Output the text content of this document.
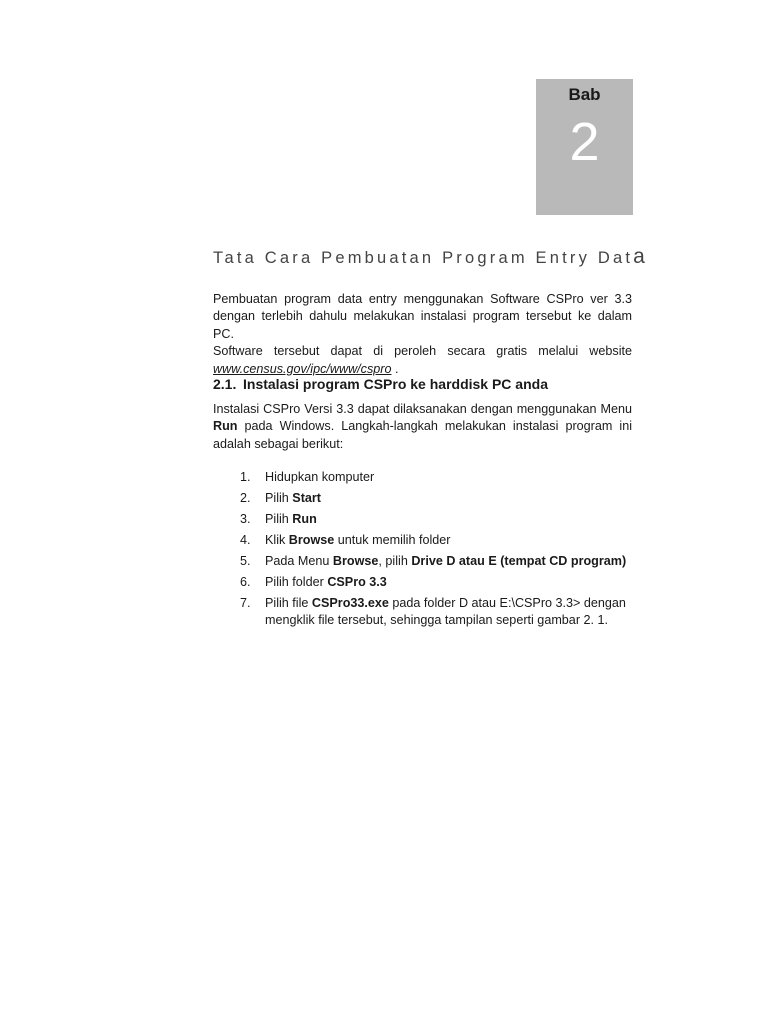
Bab
2
Tata Cara Pembuatan Program Entry Data
Pembuatan program data entry menggunakan Software CSPro ver 3.3
dengan terlebih dahulu melakukan instalasi program tersebut ke dalam PC.
Software tersebut dapat di peroleh secara gratis melalui website
www.census.gov/ipc/www/cspro .
2.1. Instalasi program CSPro ke harddisk PC anda
Instalasi CSPro Versi 3.3 dapat dilaksanakan dengan menggunakan Menu
Run pada Windows. Langkah-langkah melakukan instalasi program ini
adalah sebagai berikut:
1. Hidupkan komputer
2. Pilih Start
3. Pilih Run
4. Klik Browse untuk memilih folder
5. Pada Menu Browse, pilih Drive D atau E (tempat CD program)
6. Pilih folder CSPro 3.3
7. Pilih file CSPro33.exe pada folder D atau E:\CSPro 3.3> dengan mengklik file tersebut, sehingga tampilan seperti gambar 2. 1.
